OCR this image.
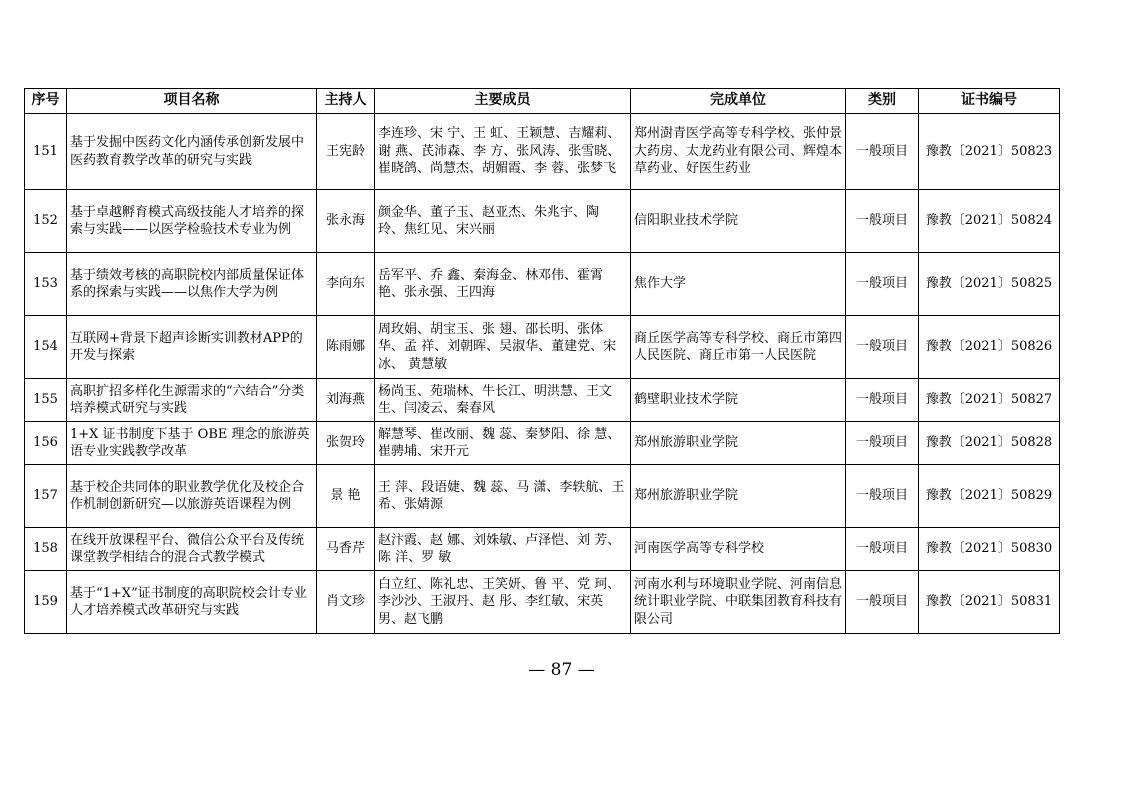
序号	项目名称	主持人	主要成员	完成单位	类别	证书编号
151	基于发掘中医药文化内涵传承创新发展中医药教育教学改革的研究与实践	王宪龄	李连珍、宋 宁、王 虹、王颖慧、吉耀莉、谢 燕、芪沛森、李 方、张风涛、张雪晓、崔晓鸽、尚慧杰、胡媚霞、李 蓉、张梦飞	郑州澍青医学高等专科学校、张仲景大药房、太龙药业有限公司、辉煌本草药业、好医生药业	一般项目	豫教〔2021〕50823
152	基于卓越孵育模式高级技能人才培养的探索与实践——以医学检验技术专业为例	张永海	颜金华、董子玉、赵亚杰、朱兆宇、陶 玲、焦红见、宋兴丽	信阳职业技术学院	一般项目	豫教〔2021〕50824
153	基于绩效考核的高职院校内部质量保证体系的探索与实践——以焦作大学为例	李向东	岳军平、乔 鑫、秦海金、林邓伟、霍霄艳、张永强、王四海	焦作大学	一般项目	豫教〔2021〕50825
154	互联网+背景下超声诊断实训教材APP的开发与探索	陈雨娜	周玫娟、胡宝玉、张 翅、邵长明、张体华、孟 祥、刘朝晖、吴淑华、董建党、宋 冰、 黄慧敏	商丘医学高等专科学校、商丘市第四人民医院、商丘市第一人民医院	一般项目	豫教〔2021〕50826
155	高职扩招多样化生源需求的“六结合”分类培养模式研究与实践	刘海燕	杨尚玉、苑瑞林、牛长江、明洪慧、王文生、闫凌云、秦春风	鹤壁职业技术学院	一般项目	豫教〔2021〕50827
156	1+X 证书制度下基于 OBE 理念的旅游英语专业实践教学改革	张贺玲	解慧琴、崔改丽、魏 蕊、秦梦阳、徐 慧、崔骋埔、宋开元	郑州旅游职业学院	一般项目	豫教〔2021〕50828
157	基于校企共同体的职业教学优化及校企合作机制创新研究—以旅游英语课程为例	景 艳	王 萍、段语婕、魏 蕊、马 潇、李轶航、王 希、张婧源	郑州旅游职业学院	一般项目	豫教〔2021〕50829
158	在线开放课程平台、微信公众平台及传统课堂教学相结合的混合式教学模式	马香芹	赵汴霞、赵 娜、刘姝敏、卢泽恺、刘 芳、陈 洋、罗 敏	河南医学高等专科学校	一般项目	豫教〔2021〕50830
159	基于“1+X”证书制度的高职院校会计专业人才培养模式改革研究与实践	肖文珍	白立红、陈礼忠、王笑妍、鲁 平、党 珂、李沙沙、王淑丹、赵 彤、李红敏、宋英男、赵飞鹏	河南水利与环境职业学院、河南信息统计职业学院、中联集团教育科技有限公司	一般项目	豫教〔2021〕50831
— 87 —
